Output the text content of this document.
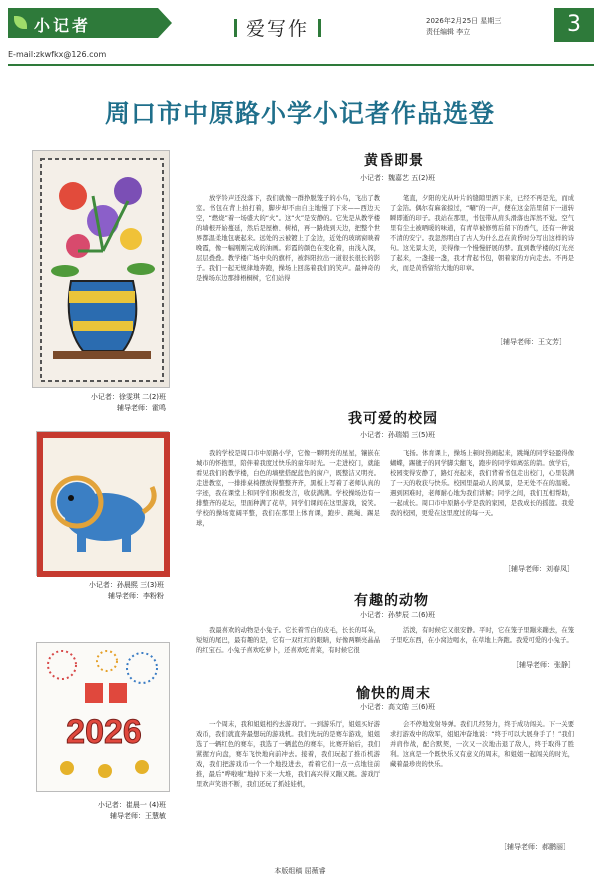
小记者
E-mail:zkwfkx@126.com
爱写作	2026年2月25日 星期三
责任编辑 李立	3
周口市中原路小学小记者作品选登
小记者：徐雯琪 二(2)班
辅导老师：霍鸣
小记者：孙晨熙 三(3)班
辅导老师：李粉粉
2026
小记者：崔晨一 (4)班
辅导老师：王慧敏
黄昏即景
小记者：魏嘉艺 五(2)班
放学铃声还没落下，我们就像一群挣脱笼子的小鸟，飞出了教室。书包在背上拍打着，脚步却不由自主地慢了下来——西边天空，“燃烧”着一场盛大的“火”。这“火”是安静的。它先是从教学楼的墙根开始蔓延，然后是屋檐、树梢，再一路烧到天边，把整个世界都温柔地包裹起来。远处的云被镀上了金边，近处的玻璃窗映着晚霞，像一幅刚刚完成的油画。彩霞的颜色在变化着，由浅入深，层层叠叠。教学楼广场中央的旗杆，被斜阳拉出一道很长很长的影子。我们一起无规律地奔跑，操场上回荡着我们的笑声。最神奇的是操场东边那排梧桐树，它们站得
笔直，夕阳的光从叶片的缝隙里洒下来，已经不再是光，而成了金箔。偶尔有麻雀掠过，“唰”的一声，便在这金箔里留下一道转瞬即逝的印子。我站在那里，书包带从肩头滑落也浑然不觉。空气里有尘土被晒暖的味道，有青草被修剪后留下的香气，还有一种说不清的安宁。我忽然明白了古人为什么总在黄昏时分写出这样的诗句。这光景太美，美得像一个慢慢舒展的梦。直到教学楼的灯光亮了起来，一盏接一盏，我才背起书包，朝着家的方向走去。不再是火，而是黄昏留给大地的印章。
［辅导老师：王文芳］
我可爱的校园
小记者：孙瑞娟 三(5)班
我的学校是周口市中原路小学，它像一颗明亮的星星，镶嵌在城市的怀抱里，陪伴着我度过快乐的童年时光。一走进校门，就能看见我们的教学楼，白色的墙壁搭配蓝色的窗户，既整洁又明亮。走进教室，一排排桌椅摆放得整整齐齐，黑板上写着了老师认真的字迹，我在课堂上和同学们积极发言，收获满满。学校操场边有一排整齐的花坛，里面种满了花草，同学们课间在这里游戏，说笑。学校的操场宽阔平整，我们在那里上体育课，跑步、跳绳、踢足球，
飞扬。体育课上，操场上顿时热闹起来，跳绳的同学轻盈得像蝴蝶，踢毽子的同学脚尖翻飞，跑步的同学如离弦的箭。放学后，校园变得安静了，路灯亮起来，我们背着书包走出校门，心里装满了一天的收获与快乐。校园里最动人的风景，是无处不在的温暖。遇到困难时，老师耐心地为我们讲解；同学之间，我们互相帮助，一起成长。周口市中原路小学是我的家园，是我成长的摇篮。我爱我的校园，更爱在这里度过的每一天。
［辅导老师：刘春凤］
有趣的动物
小记者：孙梦辰 二(6)班
我最喜欢的动物是小兔子。它长着雪白的皮毛，长长的耳朵，短短的尾巴，最有趣的是，它有一双红红的眼睛，好像两颗亮晶晶的红宝石。小兔子喜欢吃萝卜，还喜欢吃青菜，有时候它很
活泼，有时候它又很安静。平时，它在笼子里蹦来蹦去，在笼子里吃东西，在小窝边喝水，在草地上奔跑。我爱可爱的小兔子。
［辅导老师：张静］
愉快的周末
小记者：高文皓 三(6)班
一个周末，我和姐姐相约去游戏厅。一到游乐厅，姐姐买好游戏币，我们就直奔最想玩的游戏机。我们先玩的是赛车游戏，姐姐选了一辆红色的赛车，我选了一辆蓝色的赛车，比赛开始后，我们紧握方向盘，赛车飞快地向前冲去。接着，我们玩起了推币机游戏，我们把游戏币一个一个地投进去，看着它们一点一点地往前推，最后“哗啦啦”地掉下来一大堆，我们高兴得又蹦又跳。游戏厅里欢声笑语不断，我们还玩了抓娃娃机，
会不停地发射导弹。我们几经努力，终于成功闯关。下一关要求打游戏中的敌军，姐姐冲奋地说：“终于可以大展身手了！”我们并肩作战，配合默契，一次又一次地击退了敌人，终于取得了胜利。这真是一个既快乐又有意义的周末，和姐姐一起闯关的时光，藏着最珍贵的快乐。
［辅导老师：郝鹏丽］
本版组稿 屈薇睿
